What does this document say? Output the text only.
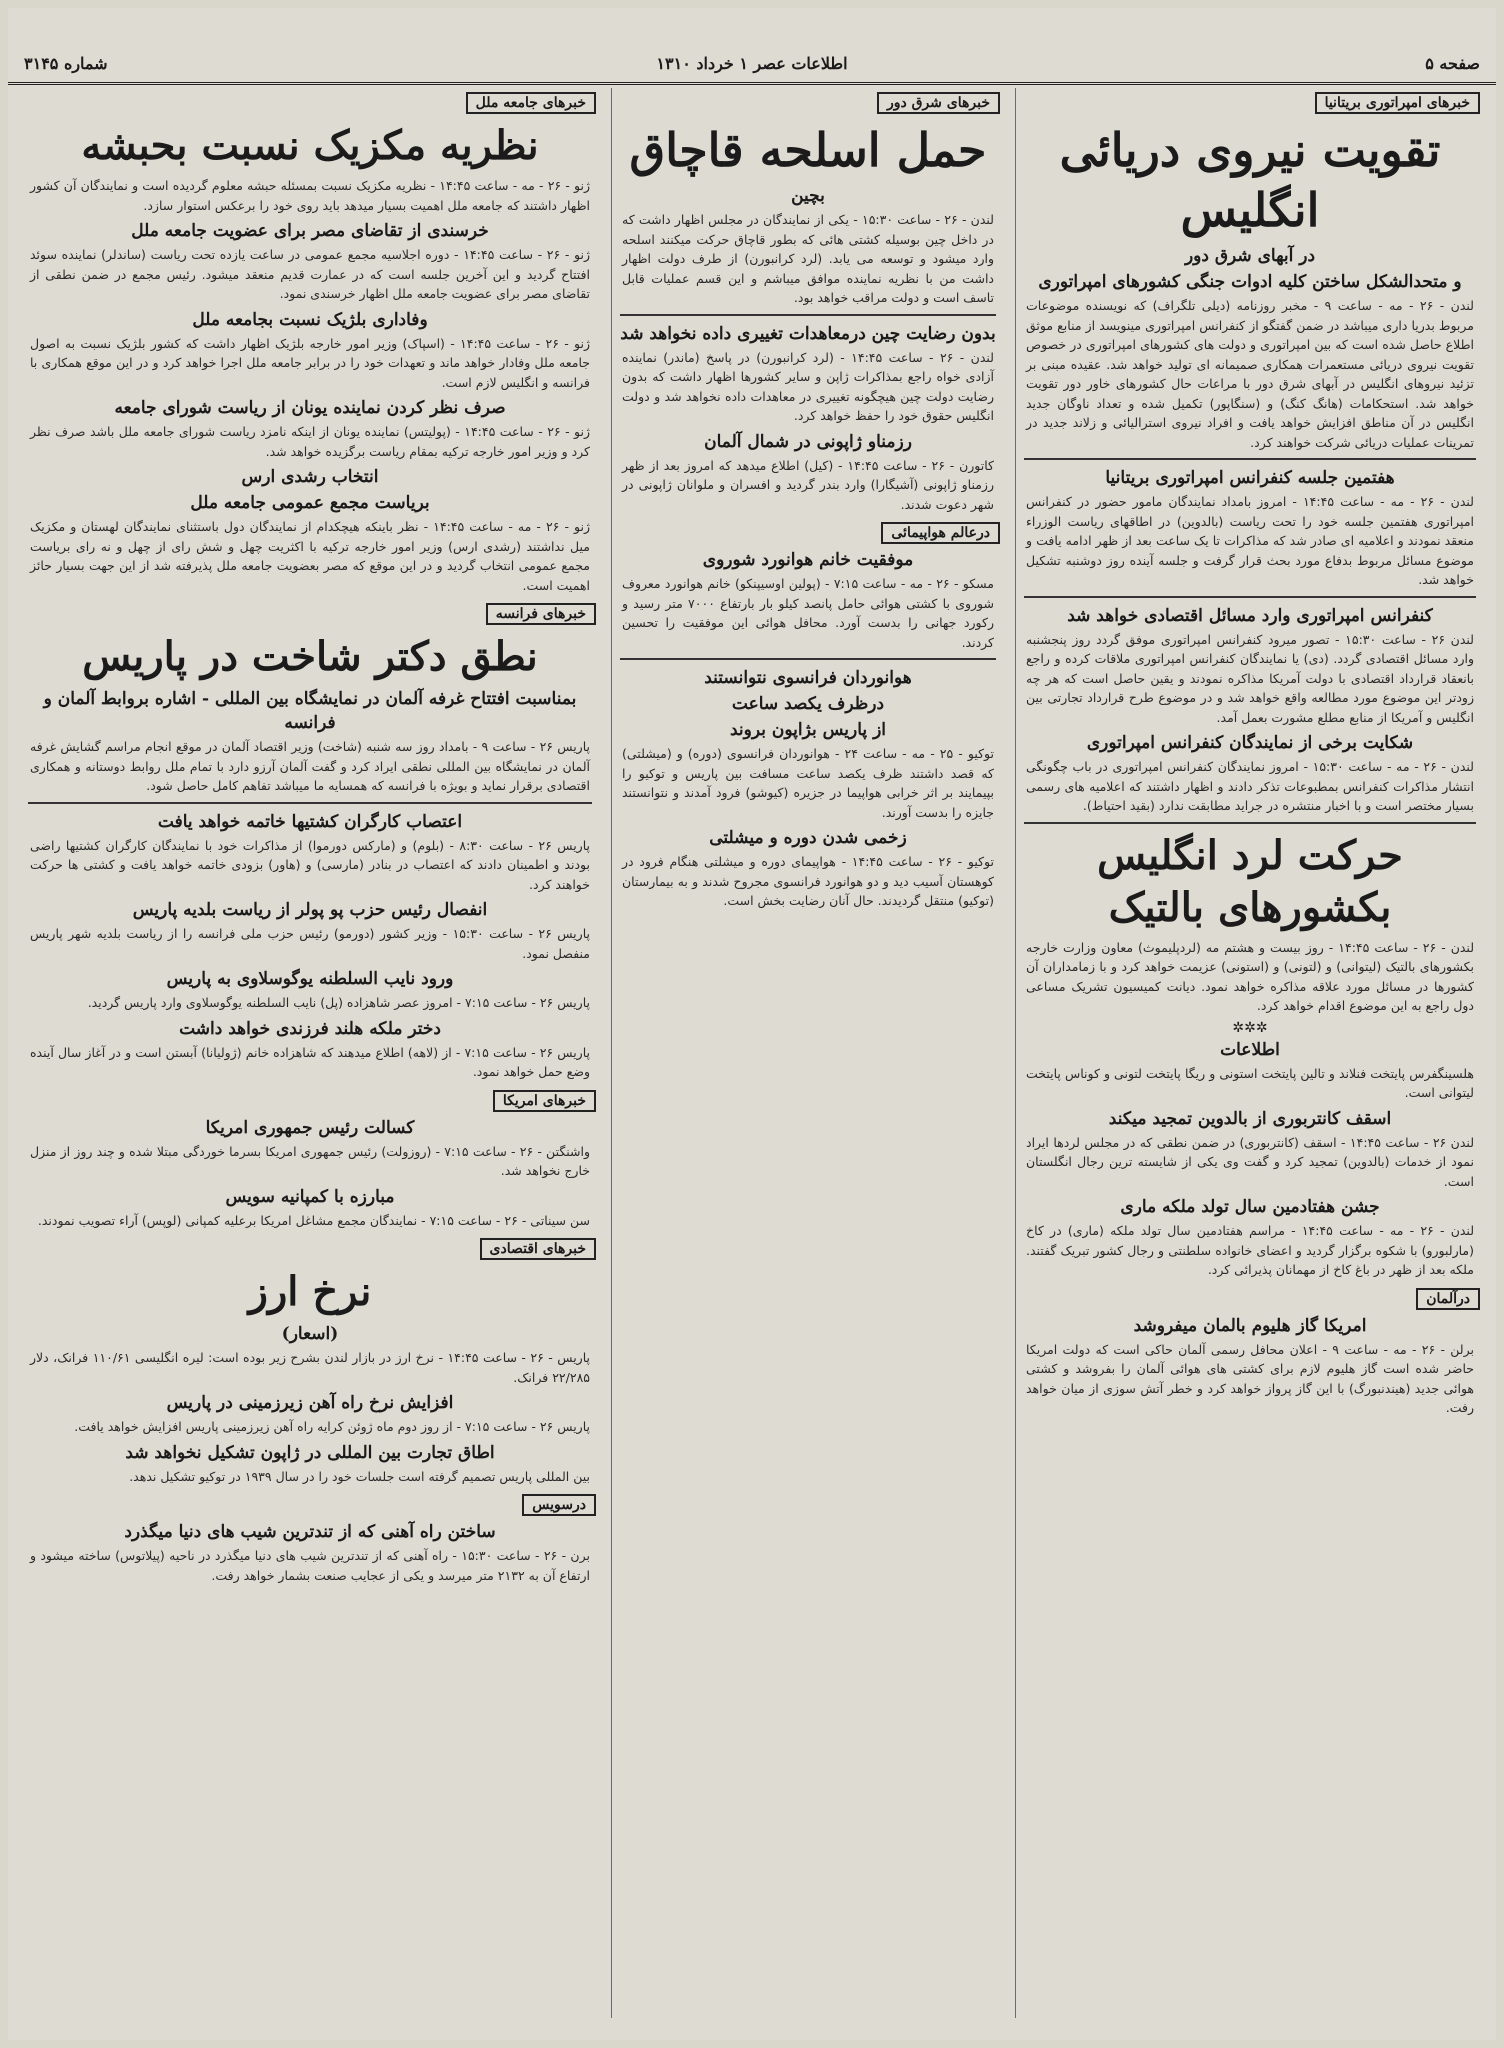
صفحه ۵
اطلاعات عصر ۱ خرداد ۱۳۱۰
شماره ۳۱۴۵
خبرهای امپراتوری بریتانیا
تقویت نیروی دریائی انگلیس
در آبهای شرق دور
و متحدالشکل ساختن کلیه ادوات جنگی کشورهای امپراتوری
لندن - ۲۶ - مه - ساعت ۹ - مخبر روزنامه (دیلی تلگراف) که نویسنده موضوعات مربوط بدریا داری میباشد در ضمن گفتگو از کنفرانس امپراتوری مینویسد از منابع موثق اطلاع حاصل شده است که بین امپراتوری و دولت های کشورهای امپراتوری در خصوص تقویت نیروی دریائی مستعمرات همکاری صمیمانه ای تولید خواهد شد. عقیده مبنی بر تزئید نیروهای انگلیس در آبهای شرق دور با مراعات حال کشورهای خاور دور تقویت خواهد شد. استحکامات (هانگ کنگ) و (سنگاپور) تکمیل شده و تعداد ناوگان جدید انگلیس در آن مناطق افزایش خواهد یافت و افراد نیروی استرالیائی و زلاند جدید در تمرینات عملیات دریائی شرکت خواهند کرد.
هفتمین جلسه کنفرانس امپراتوری بریتانیا
لندن - ۲۶ - مه - ساعت ۱۴:۴۵ - امروز بامداد نمایندگان مامور حضور در کنفرانس امپراتوری هفتمین جلسه خود را تحت ریاست (بالدوین) در اطاقهای ریاست الوزراء منعقد نمودند و اعلامیه ای صادر شد که مذاکرات تا یک ساعت بعد از ظهر ادامه یافت و موضوع مسائل مربوط بدفاع مورد بحث قرار گرفت و جلسه آینده روز دوشنبه تشکیل خواهد شد.
کنفرانس امپراتوری وارد مسائل اقتصادی خواهد شد
لندن ۲۶ - ساعت ۱۵:۳۰ - تصور میرود کنفرانس امپراتوری موفق گردد روز پنجشنبه وارد مسائل اقتصادی گردد. (دی) یا نمایندگان کنفرانس امپراتوری ملاقات کرده و راجع بانعقاد قرارداد اقتصادی با دولت آمریکا مذاکره نمودند و یقین حاصل است که هر چه زودتر این موضوع مورد مطالعه واقع خواهد شد و در موضوع طرح قرارداد تجارتی بین انگلیس و آمریکا از منابع مطلع مشورت بعمل آمد.
شکایت برخی از نمایندگان کنفرانس امپراتوری
لندن - ۲۶ - مه - ساعت ۱۵:۳۰ - امروز نمایندگان کنفرانس امپراتوری در باب چگونگی انتشار مذاکرات کنفرانس بمطبوعات تذکر دادند و اظهار داشتند که اعلامیه های رسمی بسیار مختصر است و با اخبار منتشره در جراید مطابقت ندارد (بقید احتیاط).
حرکت لرد انگلیس بکشورهای بالتیک
لندن - ۲۶ - ساعت ۱۴:۴۵ - روز بیست و هشتم مه (لردپلیموث) معاون وزارت خارجه بکشورهای بالتیک (لیتوانی) و (لتونی) و (استونی) عزیمت خواهد کرد و با زمامداران آن کشورها در مسائل مورد علاقه مذاکره خواهد نمود. دیانت کمیسیون تشریک مساعی دول راجع به این موضوع اقدام خواهد کرد.
✲✲✲
اطلاعات
هلسینگفرس پایتخت فنلاند و تالین پایتخت استونی و ریگا پایتخت لتونی و کوناس پایتخت لیتوانی است.
اسقف کانتربوری از بالدوین تمجید میکند
لندن ۲۶ - ساعت ۱۴:۴۵ - اسقف (کانتربوری) در ضمن نطقی که در مجلس لردها ایراد نمود از خدمات (بالدوین) تمجید کرد و گفت وی یکی از شایسته ترین رجال انگلستان است.
جشن هفتادمین سال تولد ملکه ماری
لندن - ۲۶ - مه - ساعت ۱۴:۴۵ - مراسم هفتادمین سال تولد ملکه (ماری) در کاخ (مارلبورو) با شکوه برگزار گردید و اعضای خانواده سلطنتی و رجال کشور تبریک گفتند. ملکه بعد از ظهر در باغ کاخ از مهمانان پذیرائی کرد.
درآلمان
امریکا گاز هلیوم بالمان میفروشد
برلن - ۲۶ - مه - ساعت ۹ - اعلان محافل رسمی آلمان حاکی است که دولت امریکا حاضر شده است گاز هلیوم لازم برای کشتی های هوائی آلمان را بفروشد و کشتی هوائی جدید (هیندنبورگ) با این گاز پرواز خواهد کرد و خطر آتش سوزی از میان خواهد رفت.
خبرهای شرق دور
حمل اسلحه قاچاق
بچین
لندن - ۲۶ - ساعت ۱۵:۳۰ - یکی از نمایندگان در مجلس اظهار داشت که در داخل چین بوسیله کشتی هائی که بطور قاچاق حرکت میکنند اسلحه وارد میشود و توسعه می یابد. (لرد کرانبورن) از طرف دولت اظهار داشت من با نظریه نماینده موافق میباشم و این قسم عملیات قابل تاسف است و دولت مراقب خواهد بود.
بدون رضایت چین درمعاهدات تغییری داده نخواهد شد
لندن - ۲۶ - ساعت ۱۴:۴۵ - (لرد کرانبورن) در پاسخ (ماندر) نماینده آزادی خواه راجع بمذاکرات ژاپن و سایر کشورها اظهار داشت که بدون رضایت دولت چین هیچگونه تغییری در معاهدات داده نخواهد شد و دولت انگلیس حقوق خود را حفظ خواهد کرد.
رزمناو ژاپونی در شمال آلمان
کاتورن - ۲۶ - ساعت ۱۴:۴۵ - (کیل) اطلاع میدهد که امروز بعد از ظهر رزمناو ژاپونی (آشیگارا) وارد بندر گردید و افسران و ملوانان ژاپونی در شهر دعوت شدند.
درعالم هواپیمائی
موفقیت خانم هوانورد شوروی
مسکو - ۲۶ - مه - ساعت ۷:۱۵ - (پولین اوسیپنکو) خانم هوانورد معروف شوروی با کشتی هوائی حامل پانصد کیلو بار بارتفاع ۷۰۰۰ متر رسید و رکورد جهانی را بدست آورد. محافل هوائی این موفقیت را تحسین کردند.
هوانوردان فرانسوی نتوانستند
درظرف یکصد ساعت
از پاریس بژاپون بروند
توکیو - ۲۵ - مه - ساعت ۲۴ - هوانوردان فرانسوی (دوره) و (میشلتی) که قصد داشتند ظرف یکصد ساعت مسافت بین پاریس و توکیو را بپیمایند بر اثر خرابی هواپیما در جزیره (کیوشو) فرود آمدند و نتوانستند جایزه را بدست آورند.
زخمی شدن دوره و میشلتی
توکیو - ۲۶ - ساعت ۱۴:۴۵ - هواپیمای دوره و میشلتی هنگام فرود در کوهستان آسیب دید و دو هوانورد فرانسوی مجروح شدند و به بیمارستان (توکیو) منتقل گردیدند. حال آنان رضایت بخش است.
خبرهای جامعه ملل
نظریه مکزیک نسبت بحبشه
ژنو - ۲۶ - مه - ساعت ۱۴:۴۵ - نظریه مکزیک نسبت بمسئله حبشه معلوم گردیده است و نمایندگان آن کشور اظهار داشتند که جامعه ملل اهمیت بسیار میدهد باید روی خود را برعکس استوار سازد.
خرسندی از تقاضای مصر برای عضویت جامعه ملل
ژنو - ۲۶ - ساعت ۱۴:۴۵ - دوره اجلاسیه مجمع عمومی در ساعت یازده تحت ریاست (ساندلر) نماینده سوئد افتتاح گردید و این آخرین جلسه است که در عمارت قدیم منعقد میشود. رئیس مجمع در ضمن نطقی از تقاضای مصر برای عضویت جامعه ملل اظهار خرسندی نمود.
وفاداری بلژیک نسبت بجامعه ملل
ژنو - ۲۶ - ساعت ۱۴:۴۵ - (اسپاک) وزیر امور خارجه بلژیک اظهار داشت که کشور بلژیک نسبت به اصول جامعه ملل وفادار خواهد ماند و تعهدات خود را در برابر جامعه ملل اجرا خواهد کرد و در این موقع همکاری با فرانسه و انگلیس لازم است.
صرف نظر کردن نماینده یونان از ریاست شورای جامعه
ژنو - ۲۶ - ساعت ۱۴:۴۵ - (پولیتس) نماینده یونان از اینکه نامزد ریاست شورای جامعه ملل باشد صرف نظر کرد و وزیر امور خارجه ترکیه بمقام ریاست برگزیده خواهد شد.
انتخاب رشدی ارس
بریاست مجمع عمومی جامعه ملل
ژنو - ۲۶ - مه - ساعت ۱۴:۴۵ - نظر باینکه هیچکدام از نمایندگان دول باستثنای نمایندگان لهستان و مکزیک میل نداشتند (رشدی ارس) وزیر امور خارجه ترکیه با اکثریت چهل و شش رای از چهل و نه رای بریاست مجمع عمومی انتخاب گردید و در این موقع که مصر بعضویت جامعه ملل پذیرفته شد از این جهت بسیار حائز اهمیت است.
خبرهای فرانسه
نطق دکتر شاخت در پاریس
بمناسبت افتتاح غرفه آلمان در نمایشگاه بین المللی - اشاره بروابط آلمان و فرانسه
پاریس ۲۶ - ساعت ۹ - بامداد روز سه شنبه (شاخت) وزیر اقتصاد آلمان در موقع انجام مراسم گشایش غرفه آلمان در نمایشگاه بین المللی نطقی ایراد کرد و گفت آلمان آرزو دارد با تمام ملل روابط دوستانه و همکاری اقتصادی برقرار نماید و بویژه با فرانسه که همسایه ما میباشد تفاهم کامل حاصل شود.
اعتصاب کارگران کشتیها خاتمه خواهد یافت
پاریس ۲۶ - ساعت ۸:۳۰ - (بلوم) و (مارکس دورموا) از مذاکرات خود با نمایندگان کارگران کشتیها راضی بودند و اطمینان دادند که اعتصاب در بنادر (مارسی) و (هاور) بزودی خاتمه خواهد یافت و کشتی ها حرکت خواهند کرد.
انفصال رئیس حزب پو پولر از ریاست بلدیه پاریس
پاریس ۲۶ - ساعت ۱۵:۳۰ - وزیر کشور (دورمو) رئیس حزب ملی فرانسه را از ریاست بلدیه شهر پاریس منفصل نمود.
ورود نایب السلطنه یوگوسلاوی به پاریس
پاریس ۲۶ - ساعت ۷:۱۵ - امروز عصر شاهزاده (پل) نایب السلطنه یوگوسلاوی وارد پاریس گردید.
دختر ملکه هلند فرزندی خواهد داشت
پاریس ۲۶ - ساعت ۷:۱۵ - از (لاهه) اطلاع میدهند که شاهزاده خانم (ژولیانا) آبستن است و در آغاز سال آینده وضع حمل خواهد نمود.
خبرهای امریکا
کسالت رئیس جمهوری امریکا
واشنگتن - ۲۶ - ساعت ۷:۱۵ - (روزولت) رئیس جمهوری امریکا بسرما خوردگی مبتلا شده و چند روز از منزل خارج نخواهد شد.
مبارزه با کمپانیه سویس
سن سیناتی - ۲۶ - ساعت ۷:۱۵ - نمایندگان مجمع مشاغل امریکا برعلیه کمپانی (لوپس) آراء تصویب نمودند.
خبرهای اقتصادی
نرخ ارز
(اسعار)
پاریس - ۲۶ - ساعت ۱۴:۴۵ - نرخ ارز در بازار لندن بشرح زیر بوده است: لیره انگلیسی ۱۱۰/۶۱ فرانک، دلار ۲۲/۲۸۵ فرانک.
افزایش نرخ راه آهن زیرزمینی در پاریس
پاریس ۲۶ - ساعت ۷:۱۵ - از روز دوم ماه ژوئن کرایه راه آهن زیرزمینی پاریس افزایش خواهد یافت.
اطاق تجارت بین المللی در ژاپون تشکیل نخواهد شد
بین المللی پاریس تصمیم گرفته است جلسات خود را در سال ۱۹۳۹ در توکیو تشکیل ندهد.
درسویس
ساختن راه آهنی که از تندترین شیب های دنیا میگذرد
برن - ۲۶ - ساعت ۱۵:۳۰ - راه آهنی که از تندترین شیب های دنیا میگذرد در ناحیه (پیلاتوس) ساخته میشود و ارتفاع آن به ۲۱۳۲ متر میرسد و یکی از عجایب صنعت بشمار خواهد رفت.
